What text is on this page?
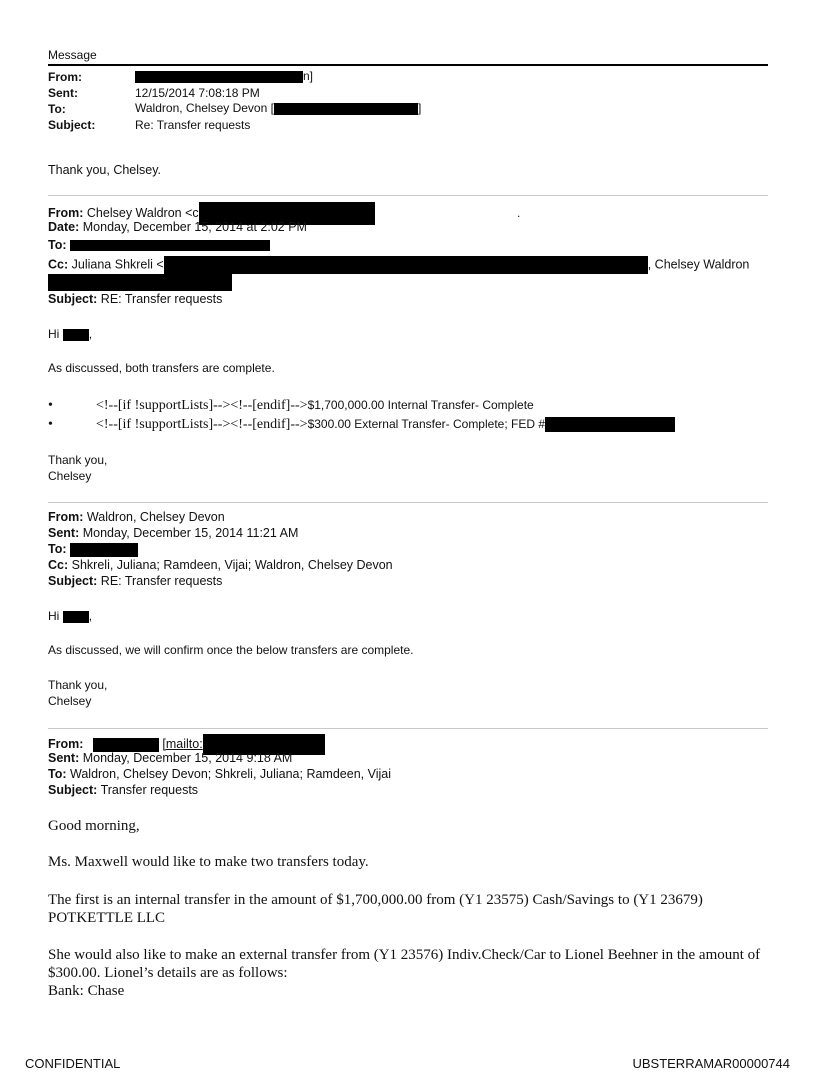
Message
From:	n]
Sent:	12/15/2014 7:08:18 PM
To:	Waldron, Chelsey Devon [	]
Subject:	Re: Transfer requests
Thank you, Chelsey.
From: Chelsey Waldron <c	.
Date: Monday, December 15, 2014 at 2:02 PM
To:
Cc: Juliana Shkreli <	, Chelsey Waldron
Subject: RE: Transfer requests
Hi ,
As discussed, both transfers are complete.
•	<!--[if !supportLists]--><!--[endif]-->$1,700,000.00 Internal Transfer- Complete
•	<!--[if !supportLists]--><!--[endif]-->$300.00 External Transfer- Complete; FED #
Thank you,
Chelsey
From: Waldron, Chelsey Devon
Sent: Monday, December 15, 2014 11:21 AM
To:
Cc: Shkreli, Juliana; Ramdeen, Vijai; Waldron, Chelsey Devon
Subject: RE: Transfer requests
Hi ,
As discussed, we will confirm once the below transfers are complete.
Thank you,
Chelsey
From:	[mailto:
Sent: Monday, December 15, 2014 9:18 AM
To: Waldron, Chelsey Devon; Shkreli, Juliana; Ramdeen, Vijai
Subject: Transfer requests
Good morning,
Ms. Maxwell would like to make two transfers today.
The first is an internal transfer in the amount of $1,700,000.00 from (Y1 23575) Cash/Savings to (Y1 23679) POTKETTLE LLC
She would also like to make an external transfer from (Y1 23576) Indiv.Check/Car to Lionel Beehner in the amount of $300.00. Lionel’s details are as follows:
Bank: Chase
CONFIDENTIAL	UBSTERRAMAR00000744
